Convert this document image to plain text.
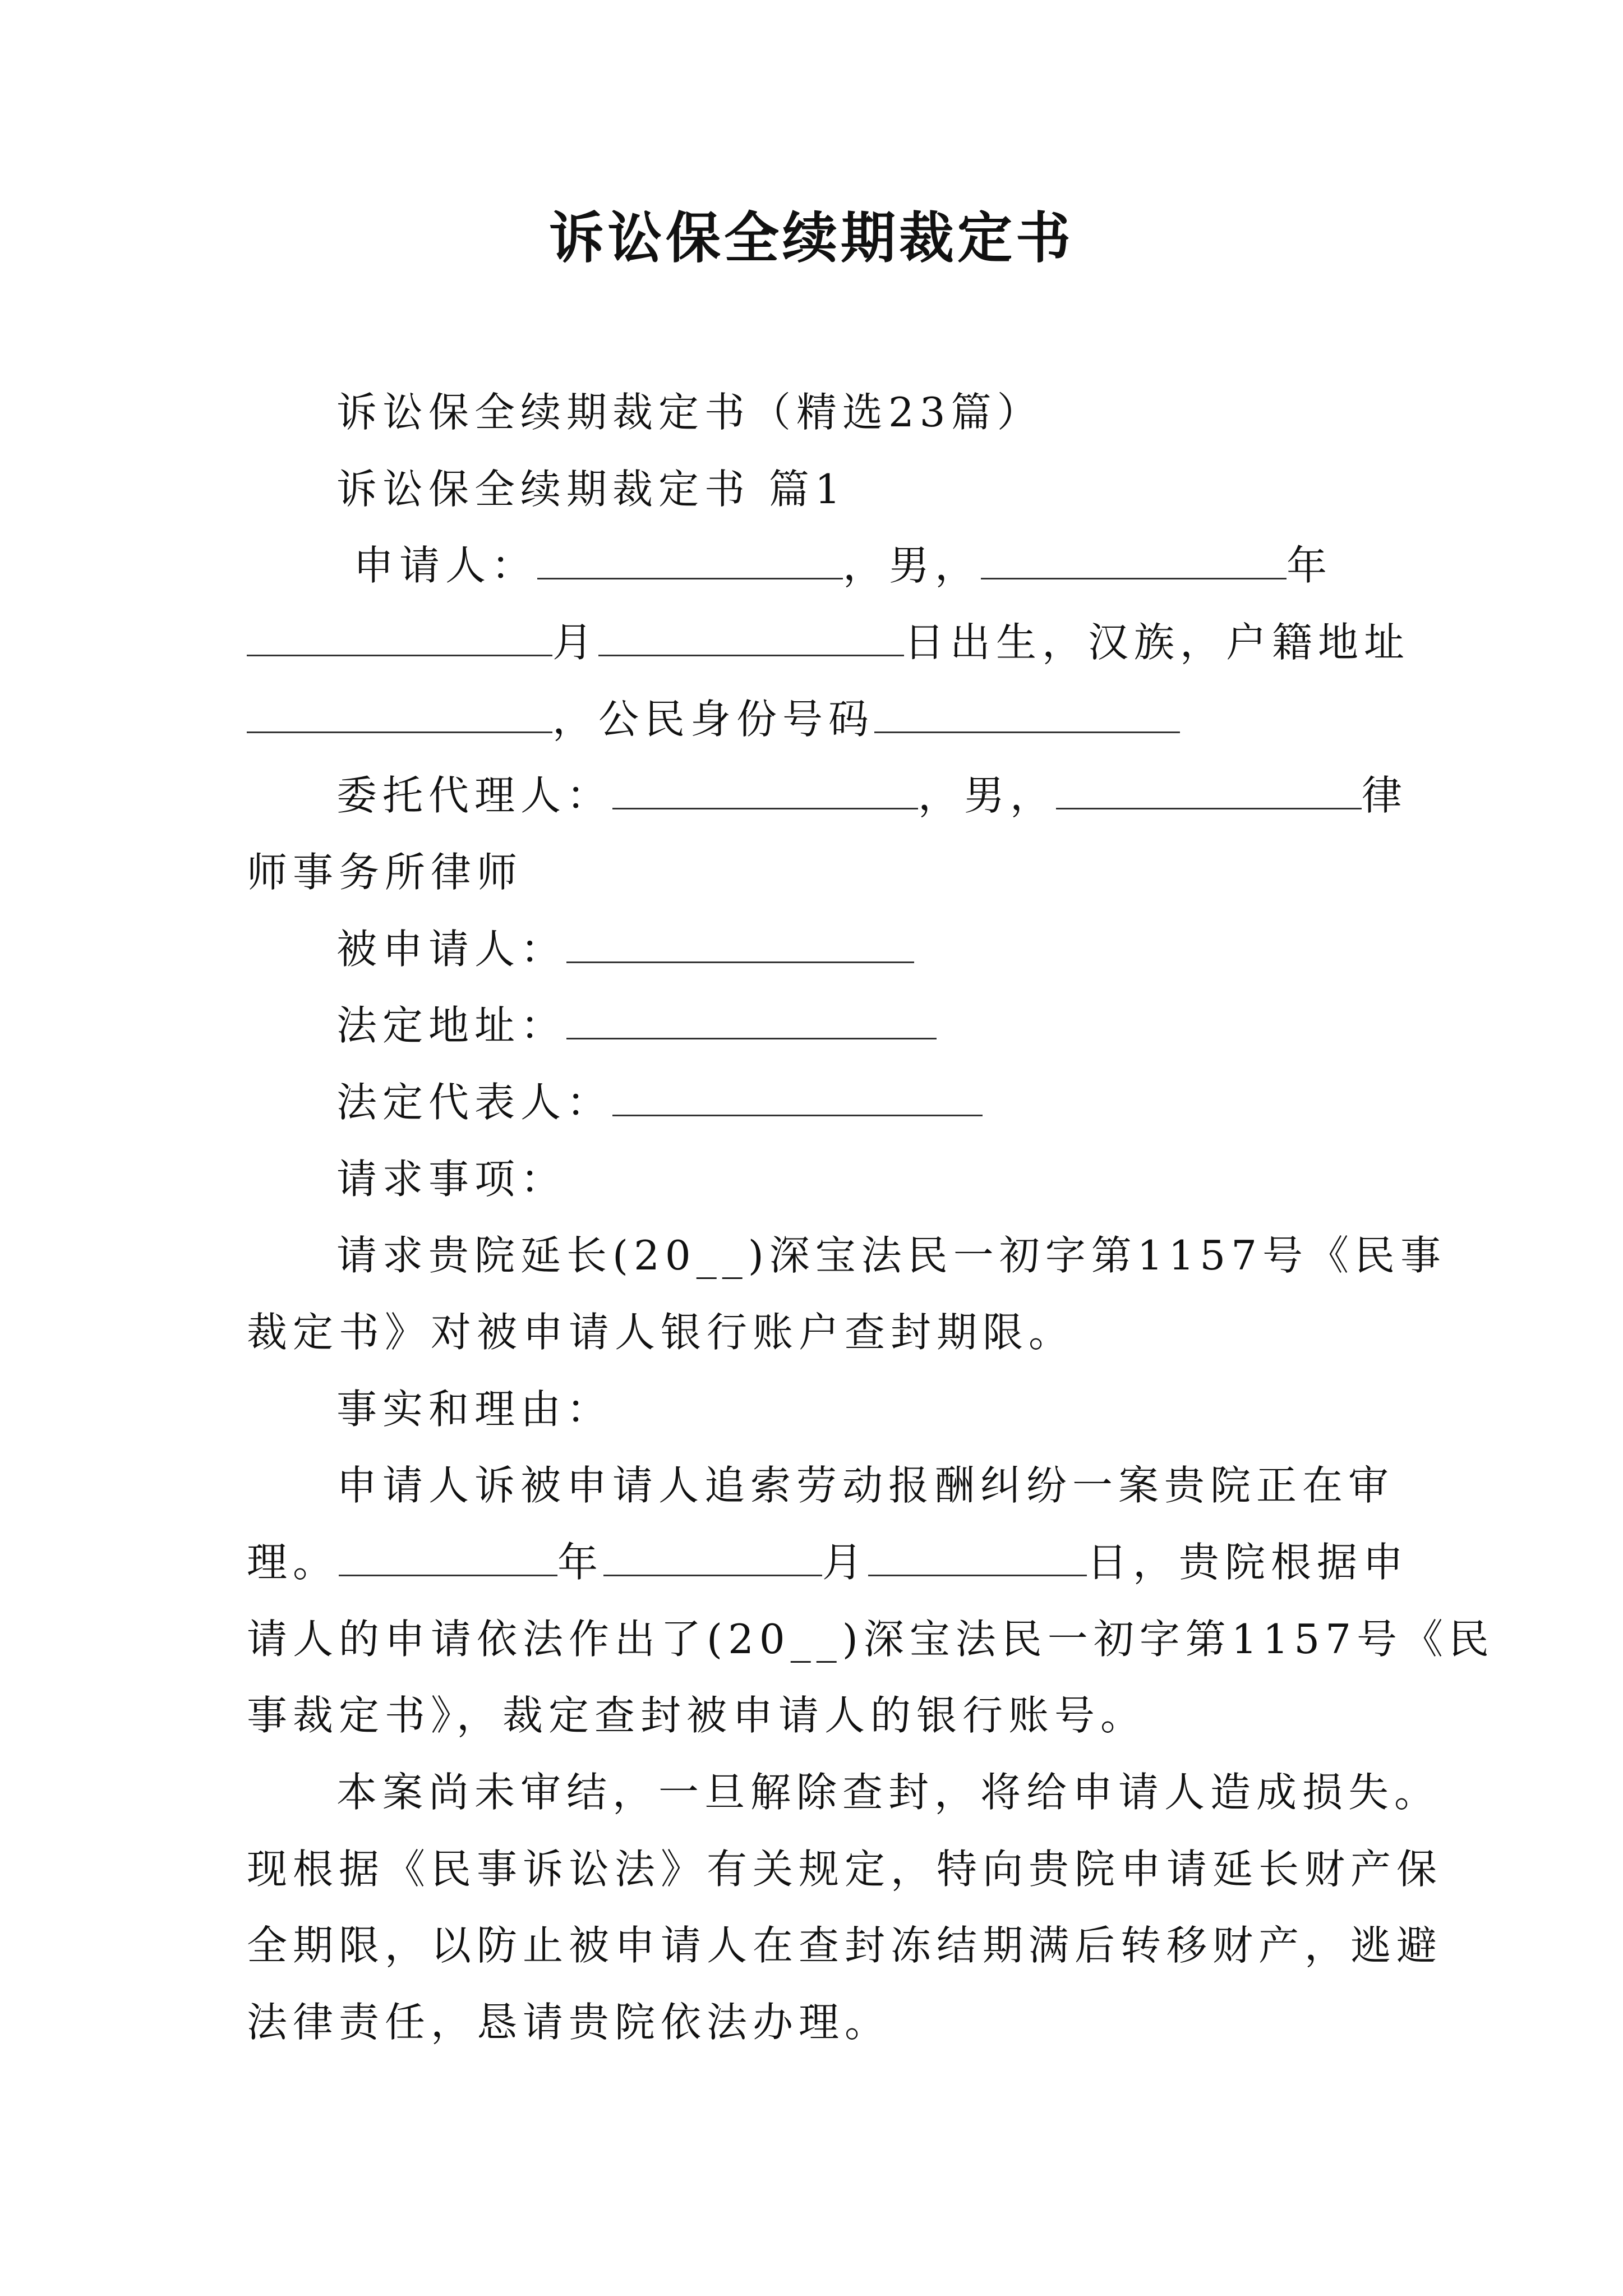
诉讼保全续期裁定书
诉讼保全续期裁定书（精选23篇）
诉讼保全续期裁定书 篇1
申请人：	，男，	年
月	日出生，汉族，户籍地址
，公民身份号码
委托代理人：	，男，	律
师事务所律师
被申请人：
法定地址：
法定代表人：
请求事项：
请求贵院延长(20__)深宝法民一初字第1157号《民事
裁定书》对被申请人银行账户查封期限。
事实和理由：
申请人诉被申请人追索劳动报酬纠纷一案贵院正在审
理。	年	月	日，贵院根据申
请人的申请依法作出了(20__)深宝法民一初字第1157号《民
事裁定书》，裁定查封被申请人的银行账号。
本案尚未审结，一旦解除查封，将给申请人造成损失。
现根据《民事诉讼法》有关规定，特向贵院申请延长财产保
全期限，以防止被申请人在查封冻结期满后转移财产，逃避
法律责任，恳请贵院依法办理。
